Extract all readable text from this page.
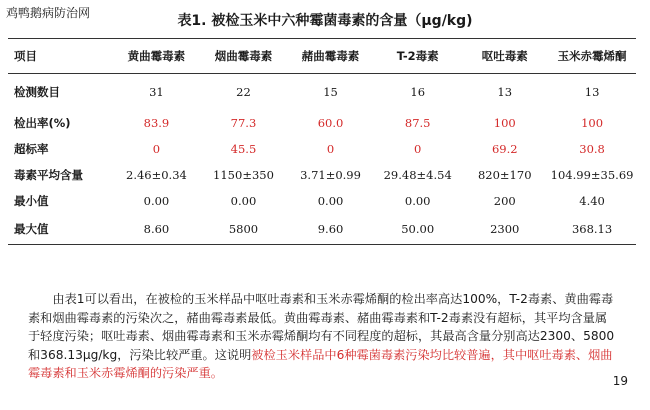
鸡鸭鹅病防治网	表1. 被检玉米中六种霉菌毒素的含量（μg/kg)
项目	黄曲霉毒素	烟曲霉毒素	赭曲霉毒素	T-2毒素	呕吐毒素	玉米赤霉烯酮
检测数目	31	22	15	16	13	13
检出率(%)	83.9	77.3	60.0	87.5	100	100
超标率	0	45.5	0	0	69.2	30.8
毒素平均含量	2.46±0.34	1150±350	3.71±0.99	29.48±4.54	820±170	104.99±35.69
最小值	0.00	0.00	0.00	0.00	200	4.40
最大值	8.60	5800	9.60	50.00	2300	368.13
由表1可以看出，在被检的玉米样品中呕吐毒素和玉米赤霉烯酮的检出率高达100%，T-2毒素、黄曲霉毒素和烟曲霉毒素的污染次之，赭曲霉毒素最低。黄曲霉毒素、赭曲霉毒素和T-2毒素没有超标，其平均含量属于轻度污染；呕吐毒素、烟曲霉毒素和玉米赤霉烯酮均有不同程度的超标，其最高含量分别高达2300、5800和368.13μg/kg，污染比较严重。这说明被检玉米样品中6种霉菌毒素污染均比较普遍，其中呕吐毒素、烟曲霉毒素和玉米赤霉烯酮的污染严重。
19
